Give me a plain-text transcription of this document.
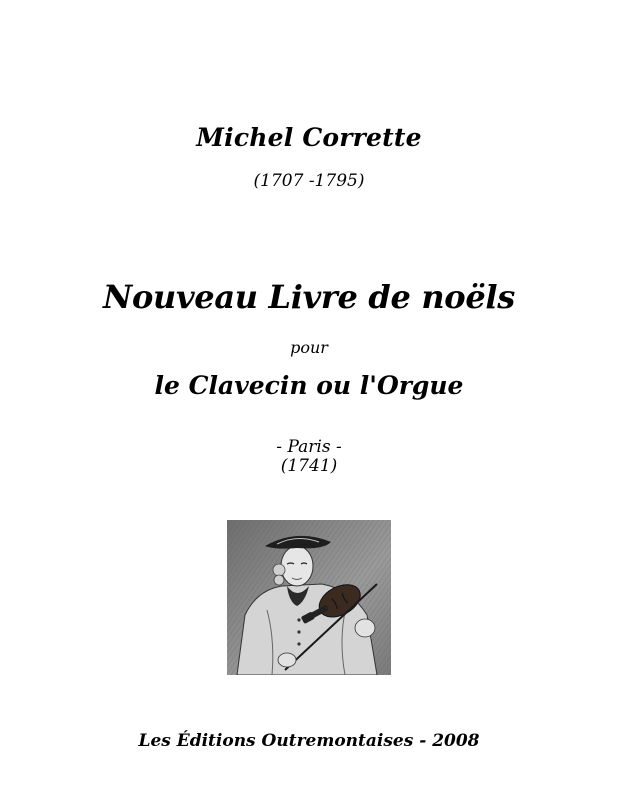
Michel Corrette
(1707 -1795)
Nouveau Livre de noëls
pour
le Clavecin ou l'Orgue
- Paris -
(1741)
Les Éditions Outremontaises - 2008
